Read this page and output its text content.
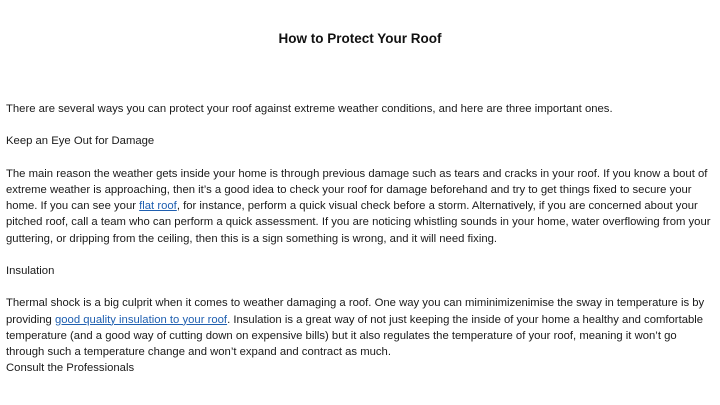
How to Protect Your Roof

There are several ways you can protect your roof against extreme weather conditions, and here are three important ones.

Keep an Eye Out for Damage

The main reason the weather gets inside your home is through previous damage such as tears and cracks in your roof. If you know a bout of extreme weather is approaching, then it’s a good idea to check your roof for damage beforehand and try to get things fixed to secure your home. If you can see your flat roof, for instance, perform a quick visual check before a storm. Alternatively, if you are concerned about your pitched roof, call a team who can perform a quick assessment. If you are noticing whistling sounds in your home, water overflowing from your guttering, or dripping from the ceiling, then this is a sign something is wrong, and it will need fixing.

Insulation

Thermal shock is a big culprit when it comes to weather damaging a roof. One way you can miminimizenimise the sway in temperature is by providing good quality insulation to your roof. Insulation is a great way of not just keeping the inside of your home a healthy and comfortable temperature (and a good way of cutting down on expensive bills) but it also regulates the temperature of your roof, meaning it won’t go through such a temperature change and won’t expand and contract as much.

Consult the Professionals
